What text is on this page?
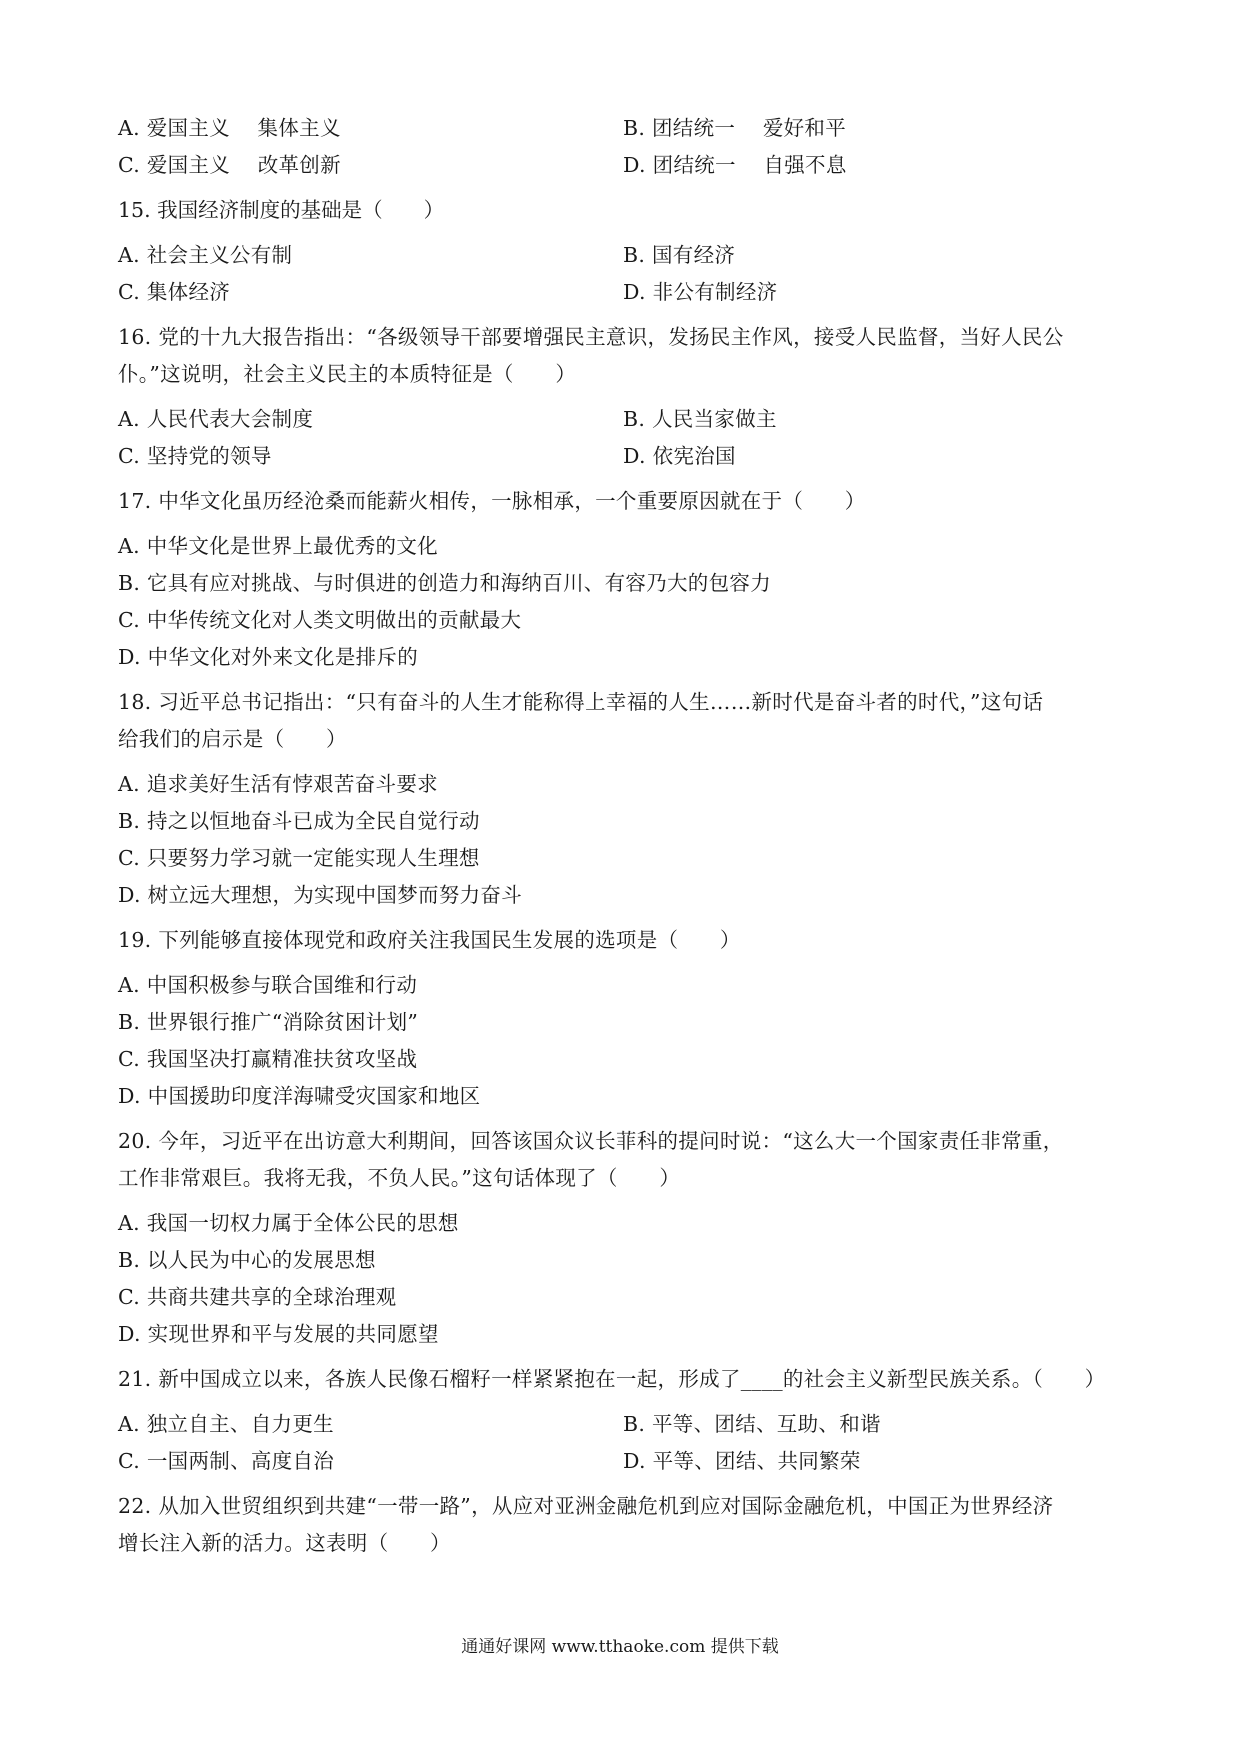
A. 爱国主义　 集体主义	B. 团结统一　 爱好和平
C. 爱国主义　 改革创新	D. 团结统一　 自强不息
15. 我国经济制度的基础是（　　）
A. 社会主义公有制	B. 国有经济
C. 集体经济	D. 非公有制经济
16. 党的十九大报告指出：“各级领导干部要增强民主意识，发扬民主作风，接受人民监督，当好人民公
仆。”这说明，社会主义民主的本质特征是（　　）
A. 人民代表大会制度	B. 人民当家做主
C. 坚持党的领导	D. 依宪治国
17. 中华文化虽历经沧桑而能薪火相传，一脉相承，一个重要原因就在于（　　）
A. 中华文化是世界上最优秀的文化
B. 它具有应对挑战、与时俱进的创造力和海纳百川、有容乃大的包容力
C. 中华传统文化对人类文明做出的贡献最大
D. 中华文化对外来文化是排斥的
18. 习近平总书记指出：“只有奋斗的人生才能称得上幸福的人生……新时代是奋斗者的时代，”这句话
给我们的启示是（　　）
A. 追求美好生活有悖艰苦奋斗要求
B. 持之以恒地奋斗已成为全民自觉行动
C. 只要努力学习就一定能实现人生理想
D. 树立远大理想，为实现中国梦而努力奋斗
19. 下列能够直接体现党和政府关注我国民生发展的选项是（　　）
A. 中国积极参与联合国维和行动
B. 世界银行推广“消除贫困计划”
C. 我国坚决打赢精准扶贫攻坚战
D. 中国援助印度洋海啸受灾国家和地区
20. 今年，习近平在出访意大利期间，回答该国众议长菲科的提问时说：“这么大一个国家责任非常重，
工作非常艰巨。我将无我，不负人民。”这句话体现了（　　）
A. 我国一切权力属于全体公民的思想
B. 以人民为中心的发展思想
C. 共商共建共享的全球治理观
D. 实现世界和平与发展的共同愿望
21. 新中国成立以来，各族人民像石榴籽一样紧紧抱在一起，形成了____的社会主义新型民族关系。（　　）
A. 独立自主、自力更生	B. 平等、团结、互助、和谐
C. 一国两制、高度自治	D. 平等、团结、共同繁荣
22. 从加入世贸组织到共建“一带一路”，从应对亚洲金融危机到应对国际金融危机，中国正为世界经济
增长注入新的活力。这表明（　　）
通通好课网 www.tthaoke.com 提供下载
